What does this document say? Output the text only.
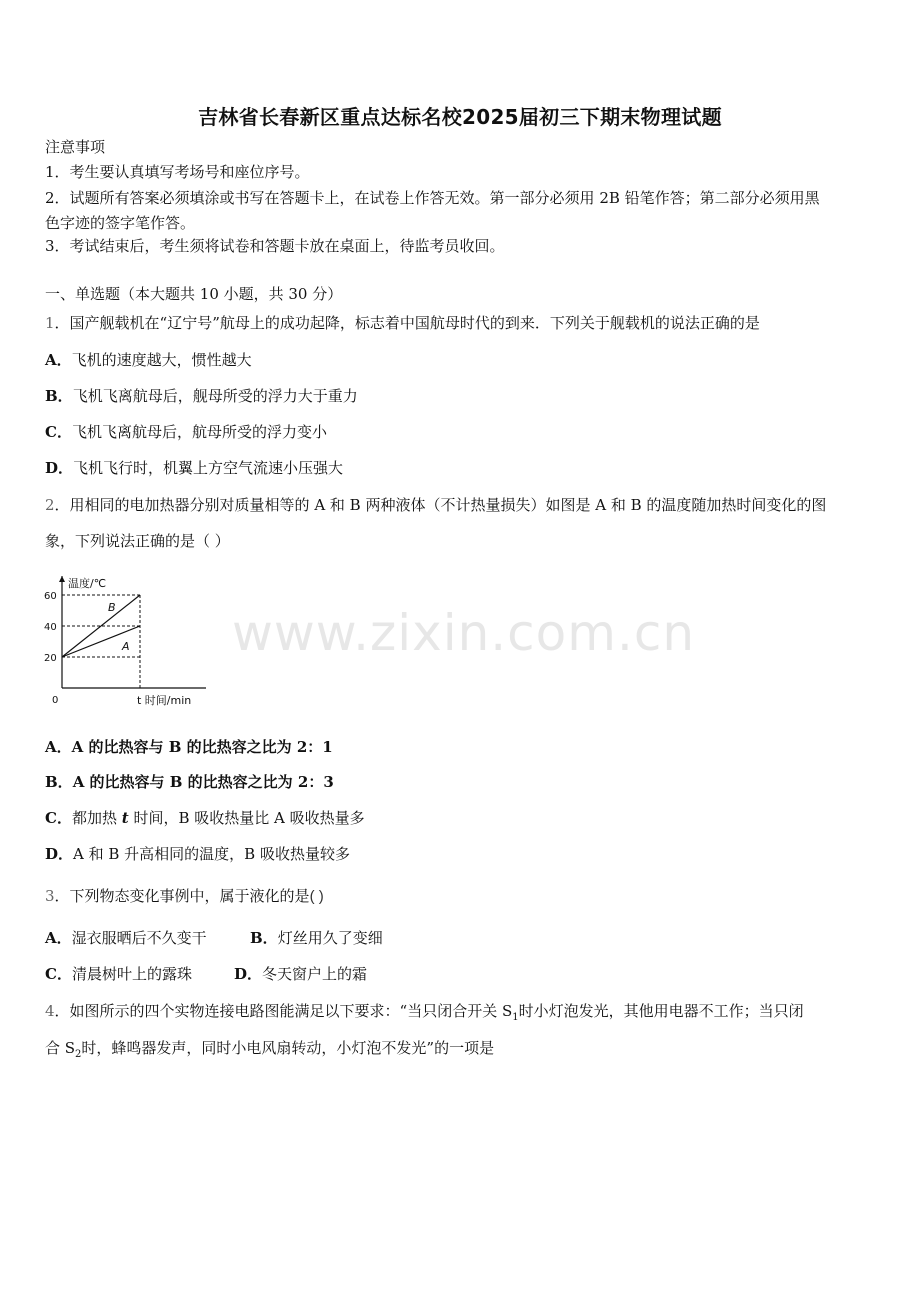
www.zixin.com.cn
吉林省长春新区重点达标名校2025届初三下期末物理试题
注意事项
1．考生要认真填写考场号和座位序号。
2．试题所有答案必须填涂或书写在答题卡上，在试卷上作答无效。第一部分必须用 2B 铅笔作答；第二部分必须用黑
色字迹的签字笔作答。
3．考试结束后，考生须将试卷和答题卡放在桌面上，待监考员收回。
一、单选题（本大题共 10 小题，共 30 分）
1．国产舰载机在“辽宁号”航母上的成功起降，标志着中国航母时代的到来．下列关于舰载机的说法正确的是
A．飞机的速度越大，惯性越大
B．飞机飞离航母后，舰母所受的浮力大于重力
C．飞机飞离航母后，航母所受的浮力变小
D．飞机飞行时，机翼上方空气流速小压强大
2．用相同的电加热器分别对质量相等的 A 和 B 两种液体（不计热量损失）如图是 A 和 B 的温度随加热时间变化的图
象，下列说法正确的是（ ）
温度/℃
60
40
20
0	t 时间/min
A
B
A．A 的比热容与 B 的比热容之比为 2：1
B．A 的比热容与 B 的比热容之比为 2：3
C．都加热 t 时间，B 吸收热量比 A 吸收热量多
D．A 和 B 升高相同的温度，B 吸收热量较多
3．下列物态变化事例中，属于液化的是( )
A．湿衣服晒后不久变干	B．灯丝用久了变细
C．清晨树叶上的露珠	D．冬天窗户上的霜
4．如图所示的四个实物连接电路图能满足以下要求：“当只闭合开关 $S_1$时小灯泡发光，其他用电器不工作；当只闭
合 $S_2$时，蜂鸣器发声，同时小电风扇转动，小灯泡不发光”的一项是
